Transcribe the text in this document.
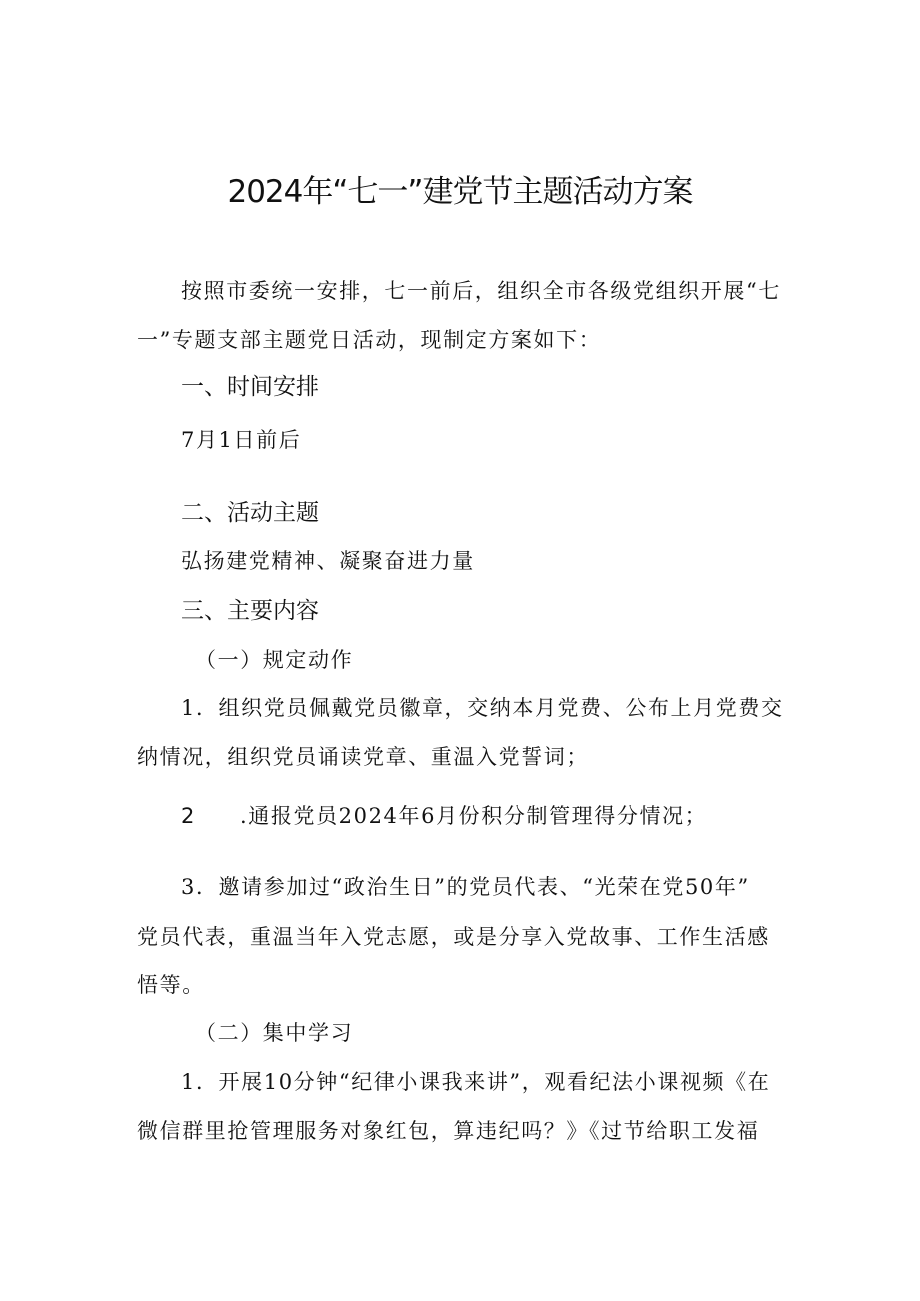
2024年“七一”建党节主题活动方案
按照市委统一安排，七一前后，组织全市各级党组织开展“七
一”专题支部主题党日活动，现制定方案如下：
一、时间安排
7月1日前后
二、活动主题
弘扬建党精神、凝聚奋进力量
三、主要内容
（一）规定动作
1．组织党员佩戴党员徽章，交纳本月党费、公布上月党费交
纳情况，组织党员诵读党章、重温入党誓词；
2 .通报党员2024年6月份积分制管理得分情况；
3．邀请参加过“政治生日”的党员代表、“光荣在党50年”
党员代表，重温当年入党志愿，或是分享入党故事、工作生活感
悟等。
（二）集中学习
1．开展10分钟“纪律小课我来讲”，观看纪法小课视频《在
微信群里抢管理服务对象红包，算违纪吗？》《过节给职工发福
